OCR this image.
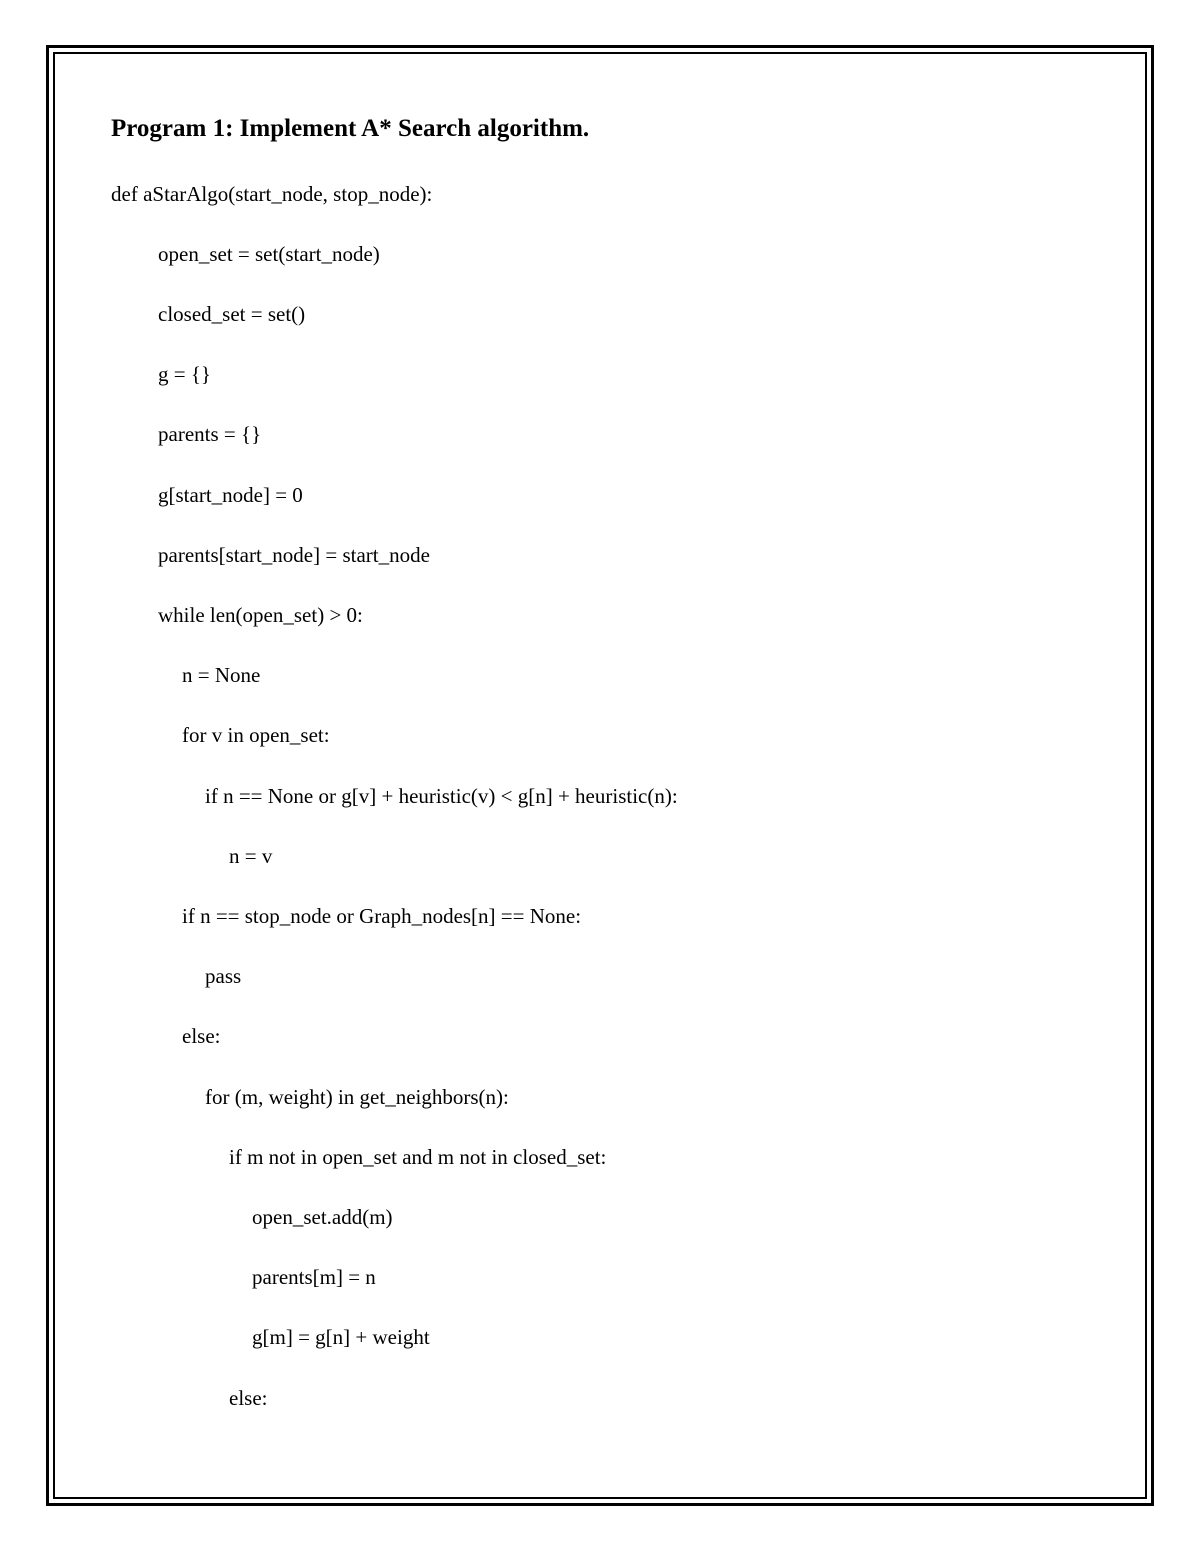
Program 1: Implement A* Search algorithm.
def aStarAlgo(start_node, stop_node):
open_set = set(start_node)
closed_set = set()
g = {}
parents = {}
g[start_node] = 0
parents[start_node] = start_node
while len(open_set) > 0:
n = None
for v in open_set:
if n == None or g[v] + heuristic(v) < g[n] + heuristic(n):
n = v
if n == stop_node or Graph_nodes[n] == None:
pass
else:
for (m, weight) in get_neighbors(n):
if m not in open_set and m not in closed_set:
open_set.add(m)
parents[m] = n
g[m] = g[n] + weight
else:
